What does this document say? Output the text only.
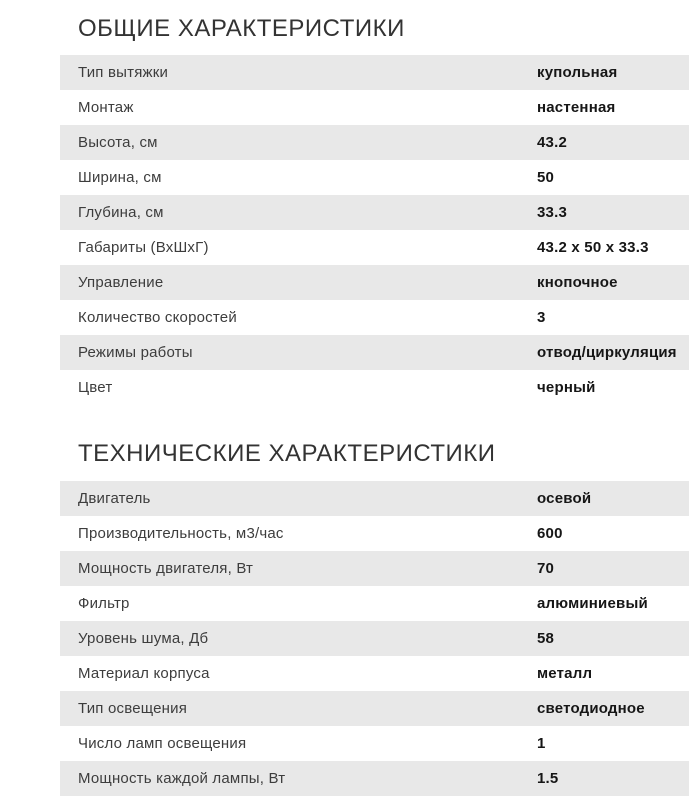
ОБЩИЕ ХАРАКТЕРИСТИКИ
Тип вытяжки	купольная
Монтаж	настенная
Высота, см	43.2
Ширина, см	50
Глубина, см	33.3
Габариты (ВхШхГ)	43.2 x 50 x 33.3
Управление	кнопочное
Количество скоростей	3
Режимы работы	отвод/циркуляция
Цвет	черный
ТЕХНИЧЕСКИЕ ХАРАКТЕРИСТИКИ
Двигатель	осевой
Производительность, м3/час	600
Мощность двигателя, Вт	70
Фильтр	алюминиевый
Уровень шума, Дб	58
Материал корпуса	металл
Тип освещения	светодиодное
Число ламп освещения	1
Мощность каждой лампы, Вт	1.5
